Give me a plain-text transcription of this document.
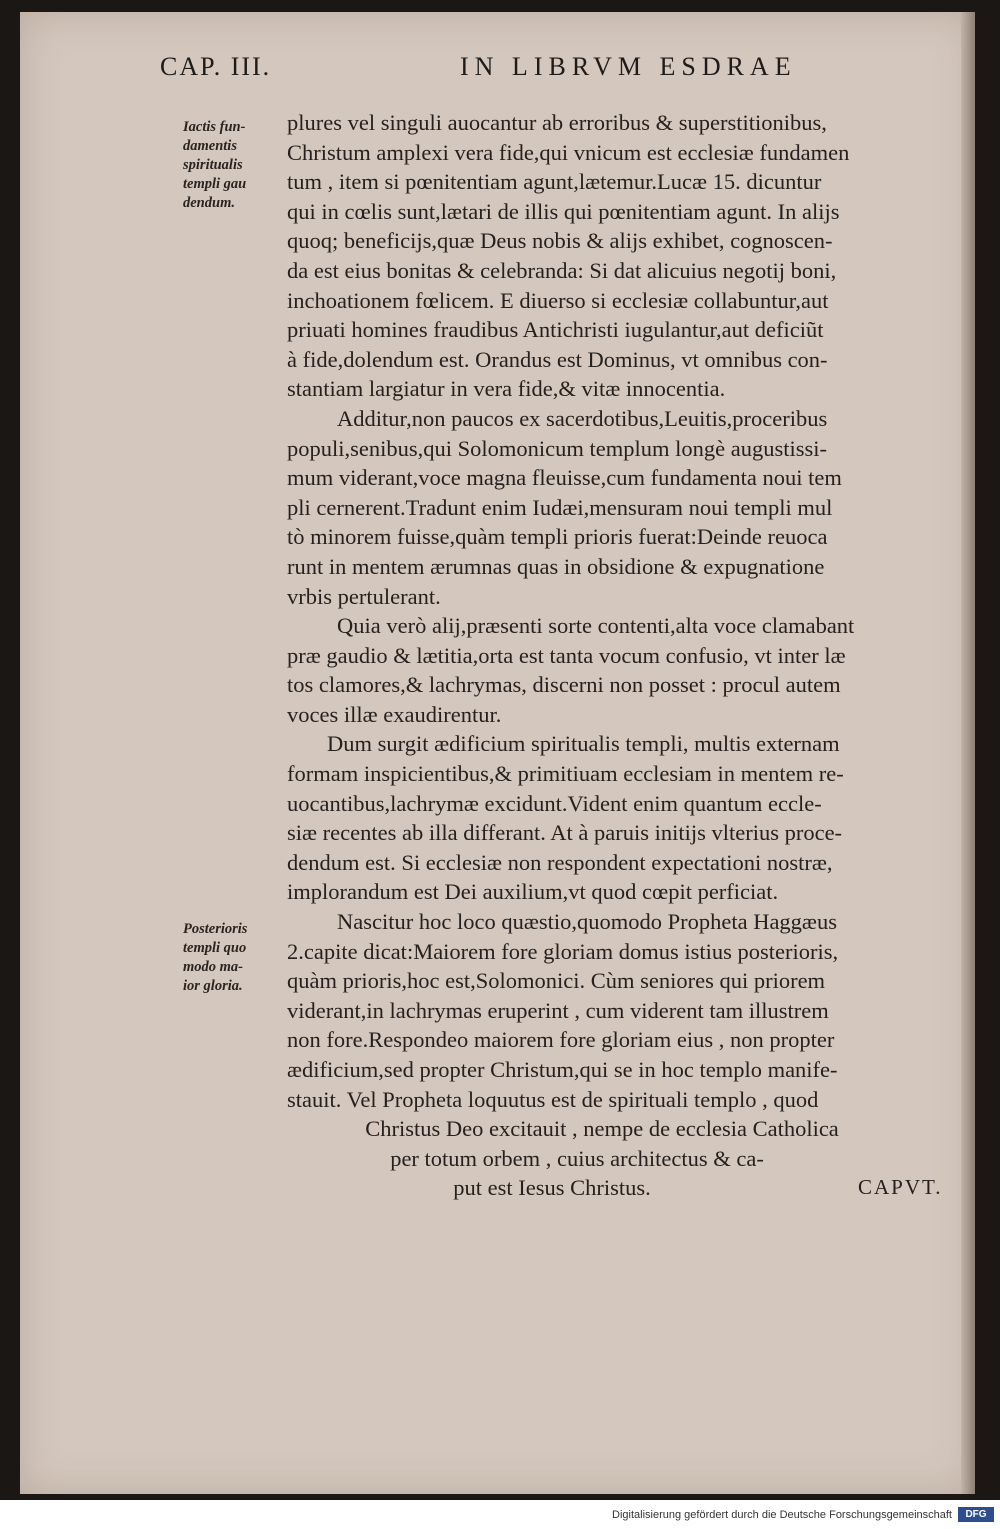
CAP. III.	IN LIBRVM ESDRAE
Iactis fun-
damentis
spiritualis
templi gau
dendum.
Posterioris
templi quo
modo ma-
ior gloria.
plures vel singuli auocantur ab erroribus & superstitionibus,
Christum amplexi vera fide,qui vnicum est ecclesiæ fundamen
tum , item si pœnitentiam agunt,lætemur.Lucæ 15. dicuntur
qui in cœlis sunt,lætari de illis qui pœnitentiam agunt. In alijs
quoq; beneficijs,quæ Deus nobis & alijs exhibet, cognoscen-
da est eius bonitas & celebranda: Si dat alicuius negotij boni,
inchoationem fœlicem. E diuerso si ecclesiæ collabuntur,aut
priuati homines fraudibus Antichristi iugulantur,aut deficiũt
à fide,dolendum est. Orandus est Dominus, vt omnibus con-
stantiam largiatur in vera fide,& vitæ innocentia.
Additur,non paucos ex sacerdotibus,Leuitis,proceribus
populi,senibus,qui Solomonicum templum longè augustissi-
mum viderant,voce magna fleuisse,cum fundamenta noui tem
pli cernerent.Tradunt enim Iudæi,mensuram noui templi mul
tò minorem fuisse,quàm templi prioris fuerat:Deinde reuoca
runt in mentem ærumnas quas in obsidione & expugnatione
vrbis pertulerant.
Quia verò alij,præsenti sorte contenti,alta voce clamabant
præ gaudio & lætitia,orta est tanta vocum confusio, vt inter læ
tos clamores,& lachrymas, discerni non posset : procul autem
voces illæ exaudirentur.
Dum surgit ædificium spiritualis templi, multis externam
formam inspicientibus,& primitiuam ecclesiam in mentem re-
uocantibus,lachrymæ excidunt.Vident enim quantum eccle-
siæ recentes ab illa differant. At à paruis initijs vlterius proce-
dendum est. Si ecclesiæ non respondent expectationi nostræ,
implorandum est Dei auxilium,vt quod cœpit perficiat.
Nascitur hoc loco quæstio,quomodo Propheta Haggæus
2.capite dicat:Maiorem fore gloriam domus istius posterioris,
quàm prioris,hoc est,Solomonici. Cùm seniores qui priorem
viderant,in lachrymas eruperint , cum viderent tam illustrem
non fore.Respondeo maiorem fore gloriam eius , non propter
ædificium,sed propter Christum,qui se in hoc templo manife-
stauit. Vel Propheta loquutus est de spirituali templo , quod
Christus Deo excitauit , nempe de ecclesia Catholica
per totum orbem , cuius architectus & ca-
put est Iesus Christus.	CAPVT.
Digitalisierung gefördert durch die Deutsche Forschungsgemeinschaft	DFG
